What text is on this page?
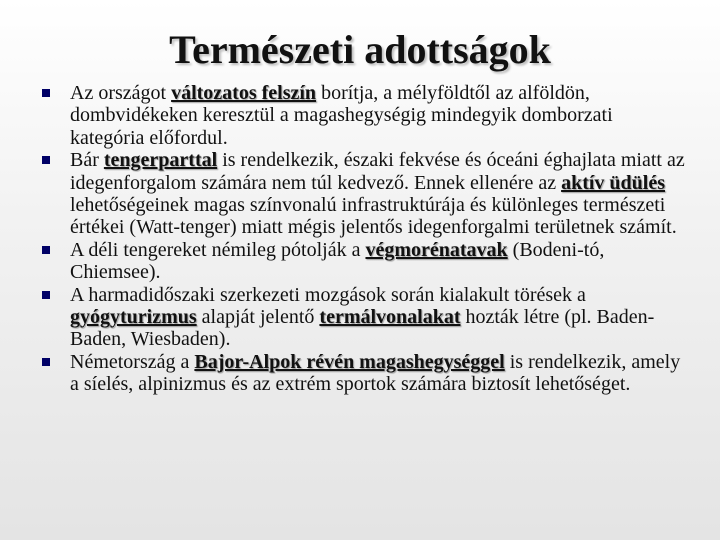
Természeti adottságok
Az országot változatos felszín borítja, a mélyföldtől az alföldön, dombvidékeken keresztül a magashegységig mindegyik domborzati kategória előfordul.
Bár tengerparttal is rendelkezik, északi fekvése és óceáni éghajlata miatt az idegenforgalom számára nem túl kedvező. Ennek ellenére az aktív üdülés lehetőségeinek magas színvonalú infrastruktúrája és különleges természeti értékei (Watt-tenger) miatt mégis jelentős idegenforgalmi területnek számít.
A déli tengereket némileg pótolják a végmorénatavak (Bodeni-tó, Chiemsee).
A harmadidőszaki szerkezeti mozgások során kialakult törések a gyógyturizmus alapját jelentő termálvonalakat hozták létre (pl. Baden-Baden, Wiesbaden).
Németország a Bajor-Alpok révén magashegységgel is rendelkezik, amely a síelés, alpinizmus és az extrém sportok számára biztosít lehetőséget.
